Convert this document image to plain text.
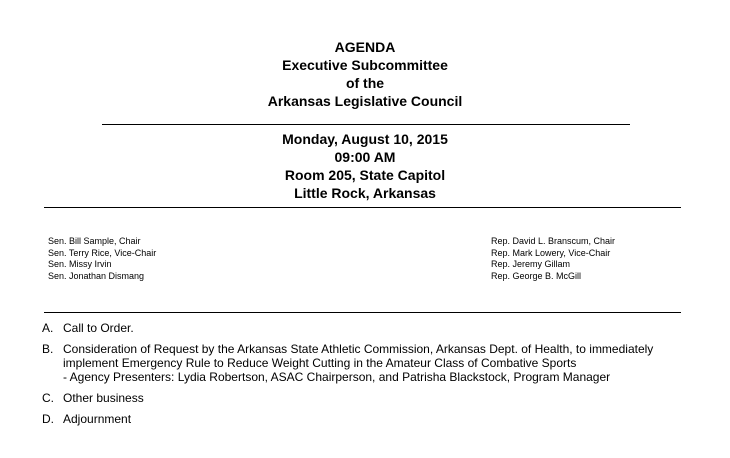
AGENDA
Executive Subcommittee
of the
Arkansas Legislative Council
Monday, August 10, 2015
09:00 AM
Room 205, State Capitol
Little Rock, Arkansas
Sen. Bill Sample, Chair
Sen. Terry Rice, Vice-Chair
Sen. Missy Irvin
Sen. Jonathan Dismang
Rep. David L. Branscum, Chair
Rep. Mark Lowery, Vice-Chair
Rep. Jeremy Gillam
Rep. George B. McGill
A. Call to Order.
B. Consideration of Request by the Arkansas State Athletic Commission, Arkansas Dept. of Health, to immediately
implement Emergency Rule to Reduce Weight Cutting in the Amateur Class of Combative Sports
- Agency Presenters: Lydia Robertson, ASAC Chairperson, and Patrisha Blackstock, Program Manager
C. Other business
D. Adjournment
